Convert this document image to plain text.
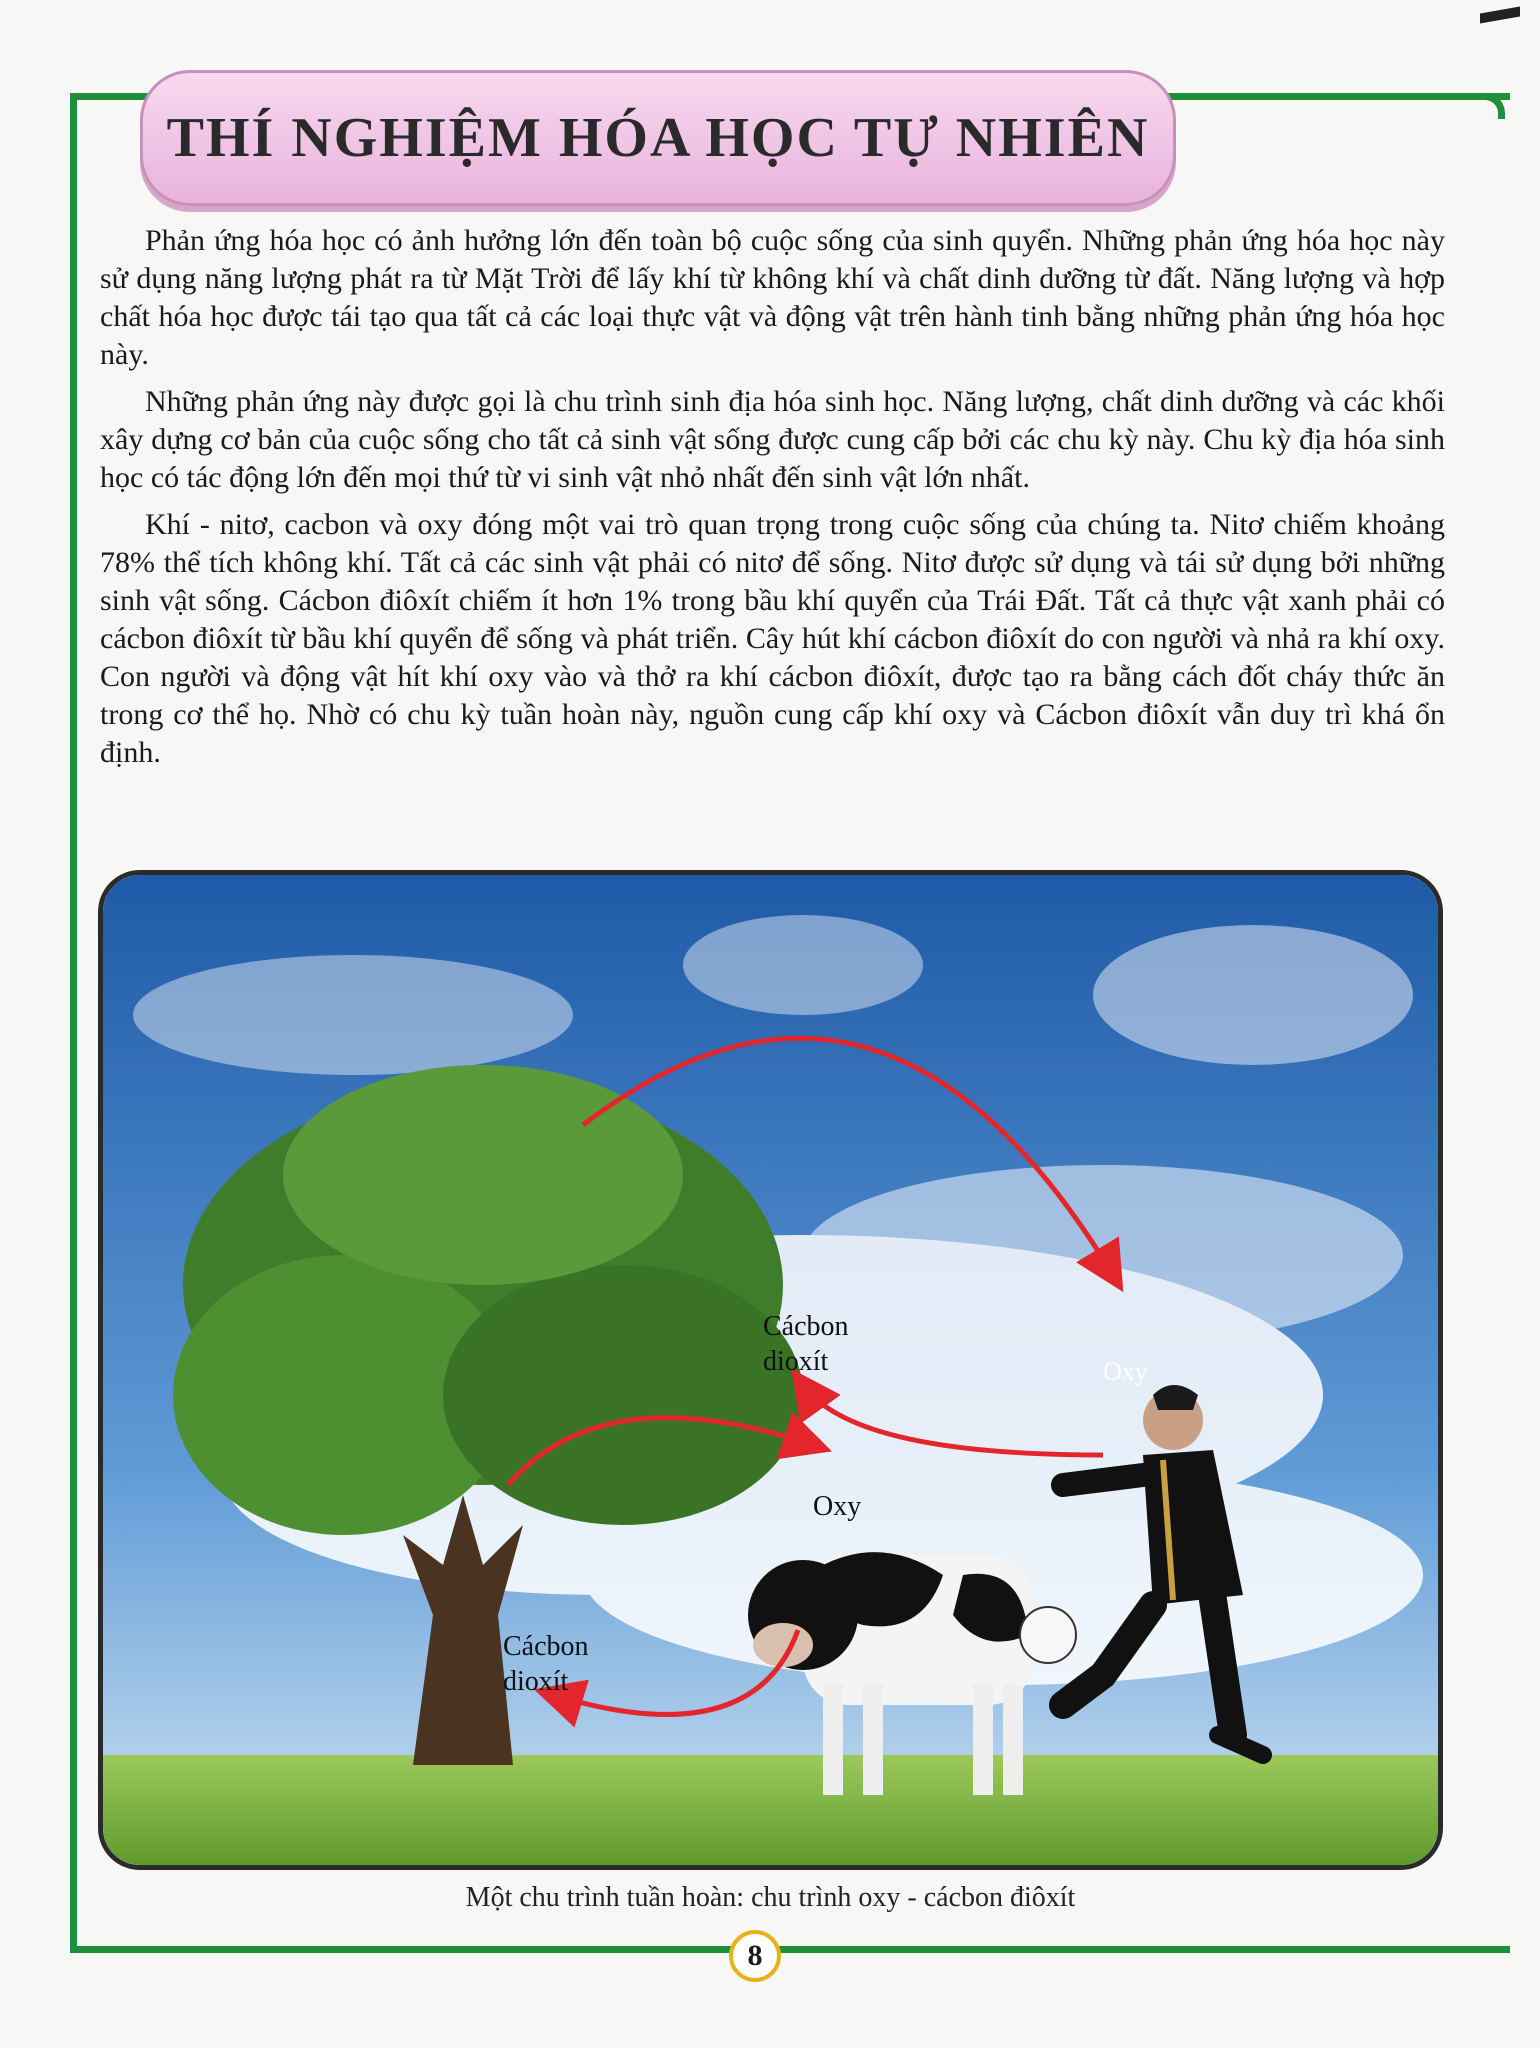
THÍ NGHIỆM HÓA HỌC TỰ NHIÊN

Phản ứng hóa học có ảnh hưởng lớn đến toàn bộ cuộc sống của sinh quyển. Những phản ứng hóa học này sử dụng năng lượng phát ra từ Mặt Trời để lấy khí từ không khí và chất dinh dưỡng từ đất. Năng lượng và hợp chất hóa học được tái tạo qua tất cả các loại thực vật và động vật trên hành tinh bằng những phản ứng hóa học này.

Những phản ứng này được gọi là chu trình sinh địa hóa sinh học. Năng lượng, chất dinh dưỡng và các khối xây dựng cơ bản của cuộc sống cho tất cả sinh vật sống được cung cấp bởi các chu kỳ này. Chu kỳ địa hóa sinh học có tác động lớn đến mọi thứ từ vi sinh vật nhỏ nhất đến sinh vật lớn nhất.

Khí - nitơ, cacbon và oxy đóng một vai trò quan trọng trong cuộc sống của chúng ta. Nitơ chiếm khoảng 78% thể tích không khí. Tất cả các sinh vật phải có nitơ để sống. Nitơ được sử dụng và tái sử dụng bởi những sinh vật sống. Cácbon điôxít chiếm ít hơn 1% trong bầu khí quyển của Trái Đất. Tất cả thực vật xanh phải có cácbon điôxít từ bầu khí quyển để sống và phát triển. Cây hút khí cácbon điôxít do con người và nhả ra khí oxy. Con người và động vật hít khí oxy vào và thở ra khí cácbon điôxít, được tạo ra bằng cách đốt cháy thức ăn trong cơ thể họ. Nhờ có chu kỳ tuần hoàn này, nguồn cung cấp khí oxy và Cácbon điôxít vẫn duy trì khá ổn định.

Cácbon
dioxít
Oxy
Cácbon
dioxít
Oxy
Một chu trình tuần hoàn: chu trình oxy - cácbon điôxít
8
